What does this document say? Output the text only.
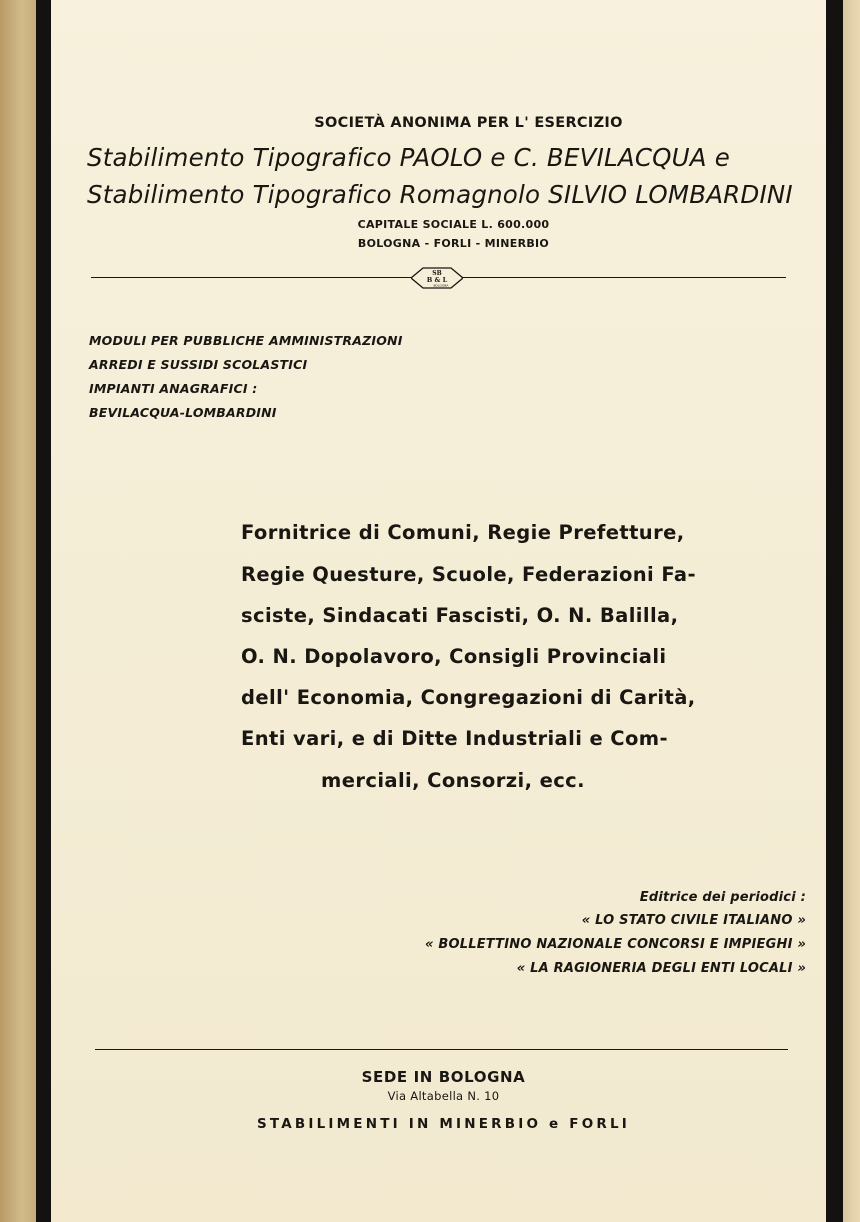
SOCIETÀ ANONIMA PER L' ESERCIZIO
Stabilimento Tipografico PAOLO e C. BEVILACQUA e
Stabilimento Tipografico Romagnolo SILVIO LOMBARDINI
CAPITALE SOCIALE L. 600.000
BOLOGNA - FORLI - MINERBIO
SB
B & L
BOLOGNA
MODULI PER PUBBLICHE AMMINISTRAZIONI
ARREDI E SUSSIDI SCOLASTICI
IMPIANTI ANAGRAFICI :
BEVILACQUA-LOMBARDINI
Fornitrice di Comuni, Regie Prefetture,
Regie Questure, Scuole, Federazioni Fa-
sciste, Sindacati Fascisti, O. N. Balilla,
O. N. Dopolavoro, Consigli Provinciali
dell' Economia, Congregazioni di Carità,
Enti vari, e di Ditte Industriali e Com-
merciali, Consorzi, ecc.
Editrice dei periodici :
« LO STATO CIVILE ITALIANO »
« BOLLETTINO NAZIONALE CONCORSI E IMPIEGHI »
« LA RAGIONERIA DEGLI ENTI LOCALI »
SEDE IN BOLOGNA
Via Altabella N. 10
STABILIMENTI IN MINERBIO e FORLI
